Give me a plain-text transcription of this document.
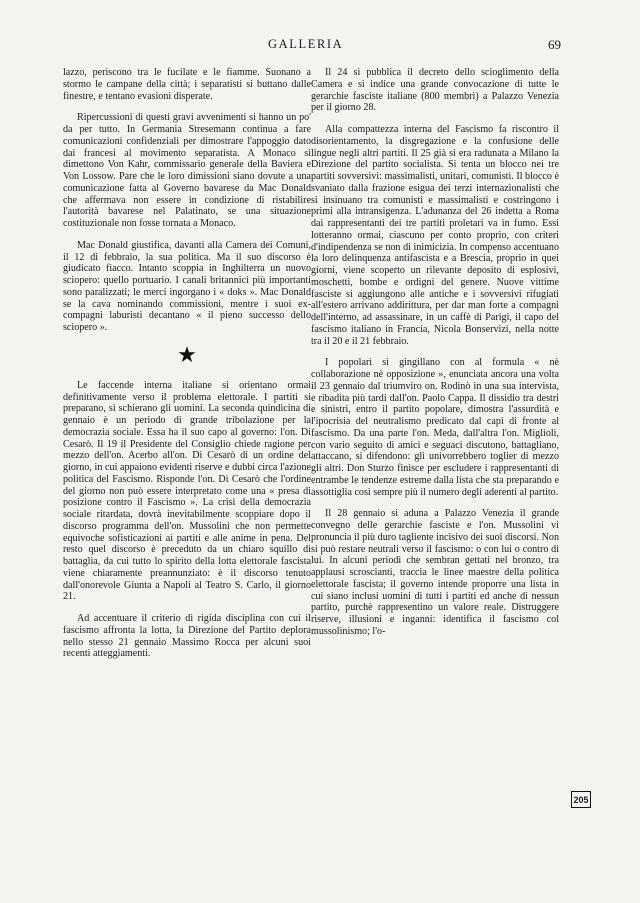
GALLERIA	69

lazzo, periscono tra le fucilate e le fiamme. Suonano a stormo le campane della città; i separatisti si buttano dalle finestre, e tentano evasioni disperate.

Ripercussioni di questi gravi avvenimenti si hanno un po' da per tutto. In Germania Stresemann continua a fare comunicazioni confidenziali per dimostrare l'appoggio dato dai francesi al movimento separatista. A Monaco si dimettono Von Kahr, commissario generale della Baviera e Von Lossow. Pare che le loro dimissioni siano dovute a una comunicazione fatta al Governo bavarese da Mac Donald che affermava non essere in condizione di ristabilire l'autorità bavarese nel Palatinato, se una situazione costituzionale non fosse tornata a Monaco.

Mac Donald giustifica, davanti alla Camera dei Comuni, il 12 di febbraio, la sua politica. Ma il suo discorso è giudicato fiacco. Intanto scoppia in Inghilterra un nuovo sciopero: quello portuario. I canali britannici più importanti sono paralizzati; le merci ingorgano i « doks ». Mac Donald se la cava nominando commissioni, mentre i suoi ex- compagni laburisti decantano « il pieno successo dello sciopero ».

★

Le faccende interna italiane si orientano ormai definitivamente verso il problema elettorale. I partiti si preparano, si schierano gli uomini. La seconda quindicina di gennaio è un periodo di grande tribolazione per la democrazia sociale. Essa ha il suo capo al governo: l'on. Di Cesarò. Il 19 il Presidente del Consiglio chiede ragione per mezzo dell'on. Acerbo all'on. Di Cesarò di un ordine del giorno, in cui appaiono evidenti riserve e dubbi circa l'azione politica del Fascismo. Risponde l'on. Di Cesarò che l'ordine del giorno non può essere interpretato come una « presa di posizione contro il Fascismo ». La crisi della democrazia sociale ritardata, dovrà inevitabilmente scoppiare dopo il discorso programma dell'on. Mussolini che non permette equivoche sofisticazioni ai partiti e alle anime in pena. Del resto quel discorso è preceduto da un chiaro squillo di battaglia, da cui tutto lo spirito della lotta elettorale fascista viene chiaramente preannunziato: è il discorso tenuto dall'onorevole Giunta a Napoli al Teatro S. Carlo, il giorno 21.

Ad accentuare il criterio di rigida disciplina con cui il fascismo affronta la lotta, la Direzione del Partito deplora nello stesso 21 gennaio Massimo Rocca per alcuni suoi recenti atteggiamenti.

Il 24 si pubblica il decreto dello scioglimento della Camera e si indice una grande convocazione di tutte le gerarchie fasciste italiane (800 membri) a Palazzo Venezia per il giorno 28.

Alla compattezza interna del Fascismo fa riscontro il disorientamento, la disgregazione e la confusione delle lingue negli altri partiti. Il 25 già si era radunata a Milano la Direzione del partito socialista. Si tenta un blocco nei tre partiti sovversivi: massimalisti, unitari, comunisti. Il blocco è svaniato dalla frazione esigua dei terzi internazionalisti che si insinuano tra comunisti e massimalisti e costringono i primi alla intransigenza. L'adunanza del 26 indetta a Roma dai rappresentanti dei tre partiti proletari va in fumo. Essi lotteranno ormai, ciascuno per conto proprio, con criteri d'indipendenza se non di inimicizia. In compenso accentuano la loro delinquenza antifascista e a Brescia, proprio in quei giorni, viene scoperto un rilevante deposito di esplosivi, moschetti, bombe e ordigni del genere. Nuove vittime fasciste si aggiungono alle antiche e i sovversivi rifugiati all'estero arrivano addirittura, per dar man forte a compagni dell'interno, ad assassinare, in un caffè di Parigi, il capo del fascismo italiano in Francia, Nicola Bonservizi, nella notte tra il 20 e il 21 febbraio.

I popolari si gingillano con al formula « nè collaborazione nè opposizione », enunciata ancora una volta il 23 gennaio dal triumviro on. Rodinò in una sua intervista, e ribadita più tardi dall'on. Paolo Cappa. Il dissidio tra destri e sinistri, entro il partito popolare, dimostra l'assurdità e l'ipocrisia del neutralismo predicato dal capi di fronte al fascismo. Da una parte l'on. Meda, dall'altra l'on. Miglioli, con vario seguito di amici e seguaci discutono, battagliano, attaccano, si difendono: gli univorrebbero toglier di mezzo gli altri. Don Sturzo finisce per escludere i rappresentanti di entrambe le tendenze estreme dalla lista che sta preparando e assottiglia così sempre più il numero degli aderenti al partito.

Il 28 gennaio si aduna a Palazzo Venezia il grande convegno delle gerarchie fasciste e l'on. Mussolini vi pronuncia il più duro tagliente incisivo dei suoi discorsi. Non si può restare neutrali verso il fascismo: o con lui o contro di lui. In alcuni periodi che sembran gettati nel bronzo, tra applausi scroscianti, traccia le linee maestre della politica elettorale fascista; il governo intende proporre una lista in cui siano inclusi uomini di tutti i partiti ed anche di nessun partito, purchè rappresentino un valore reale. Distruggere riserve, illusioni e inganni: identifica il fascismo col mussolinismo; l'o-

205
